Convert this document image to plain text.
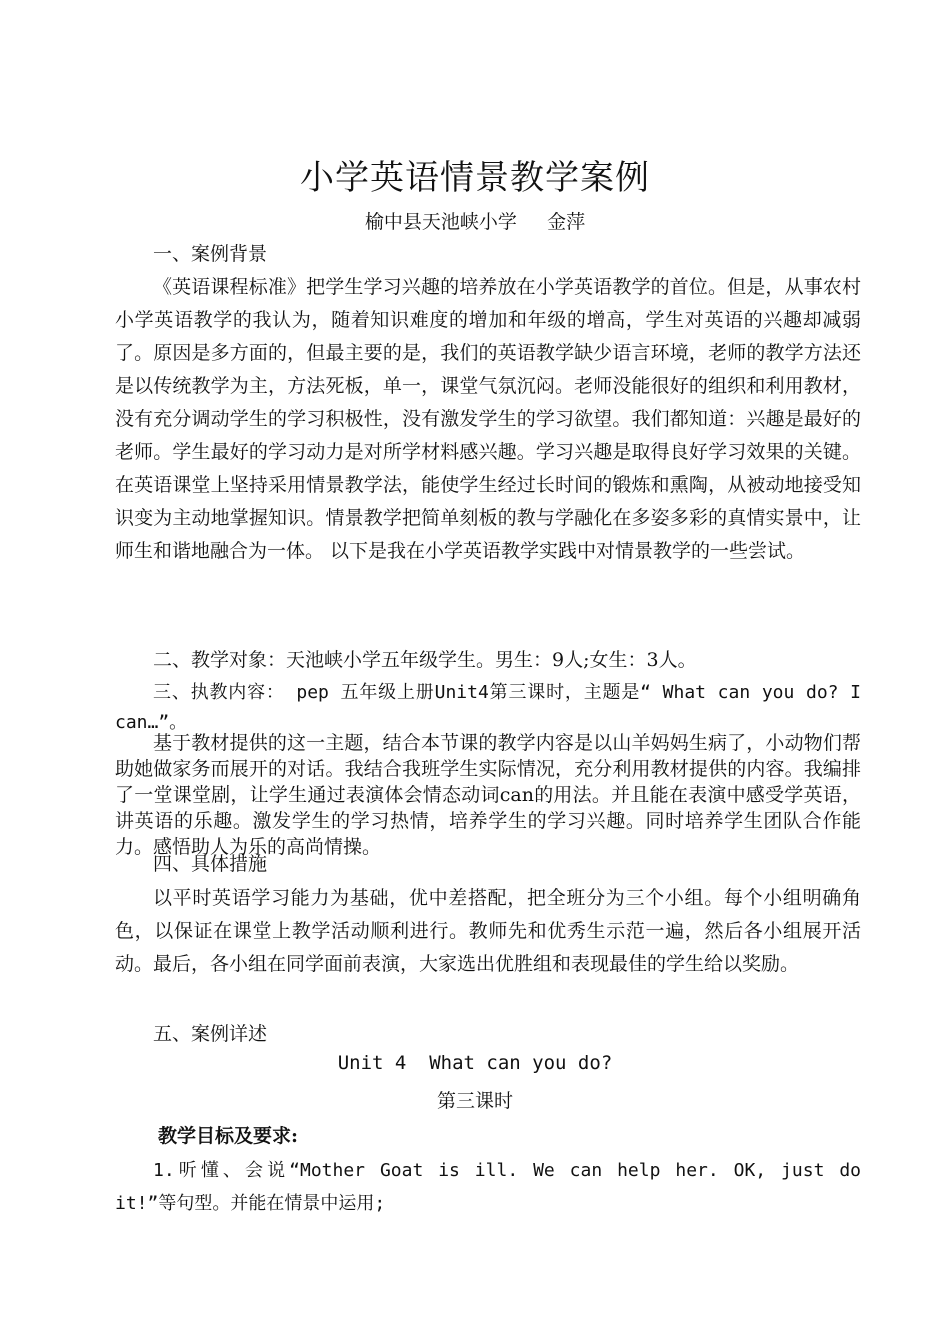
小学英语情景教学案例
榆中县天池峡小学     金萍
一、案例背景
《英语课程标准》把学生学习兴趣的培养放在小学英语教学的首位。但是，从事农村小学英语教学的我认为，随着知识难度的增加和年级的增高，学生对英语的兴趣却减弱了。原因是多方面的，但最主要的是，我们的英语教学缺少语言环境，老师的教学方法还是以传统教学为主，方法死板，单一，课堂气氛沉闷。老师没能很好的组织和利用教材，没有充分调动学生的学习积极性，没有激发学生的学习欲望。我们都知道：兴趣是最好的老师。学生最好的学习动力是对所学材料感兴趣。学习兴趣是取得良好学习效果的关键。在英语课堂上坚持采用情景教学法，能使学生经过长时间的锻炼和熏陶，从被动地接受知识变为主动地掌握知识。情景教学把简单刻板的教与学融化在多姿多彩的真情实景中，让师生和谐地融合为一体。 以下是我在小学英语教学实践中对情景教学的一些尝试。
二、教学对象：天池峡小学五年级学生。男生：9人;女生：3人。
三、执教内容： pep 五年级上册Unit4第三课时，主题是“ What can you do? I can…”。
基于教材提供的这一主题，结合本节课的教学内容是以山羊妈妈生病了，小动物们帮助她做家务而展开的对话。我结合我班学生实际情况，充分利用教材提供的内容。我编排了一堂课堂剧，让学生通过表演体会情态动词can的用法。并且能在表演中感受学英语，讲英语的乐趣。激发学生的学习热情，培养学生的学习兴趣。同时培养学生团队合作能力。感悟助人为乐的高尚情操。
四、具体措施
以平时英语学习能力为基础，优中差搭配，把全班分为三个小组。每个小组明确角色，以保证在课堂上教学活动顺利进行。教师先和优秀生示范一遍，然后各小组展开活动。最后，各小组在同学面前表演，大家选出优胜组和表现最佳的学生给以奖励。
五、案例详述
Unit 4  What can you do?
第三课时
教学目标及要求:
1.听懂、会说“Mother Goat is ill. We can help her. OK, just do it!”等句型。并能在情景中运用;
